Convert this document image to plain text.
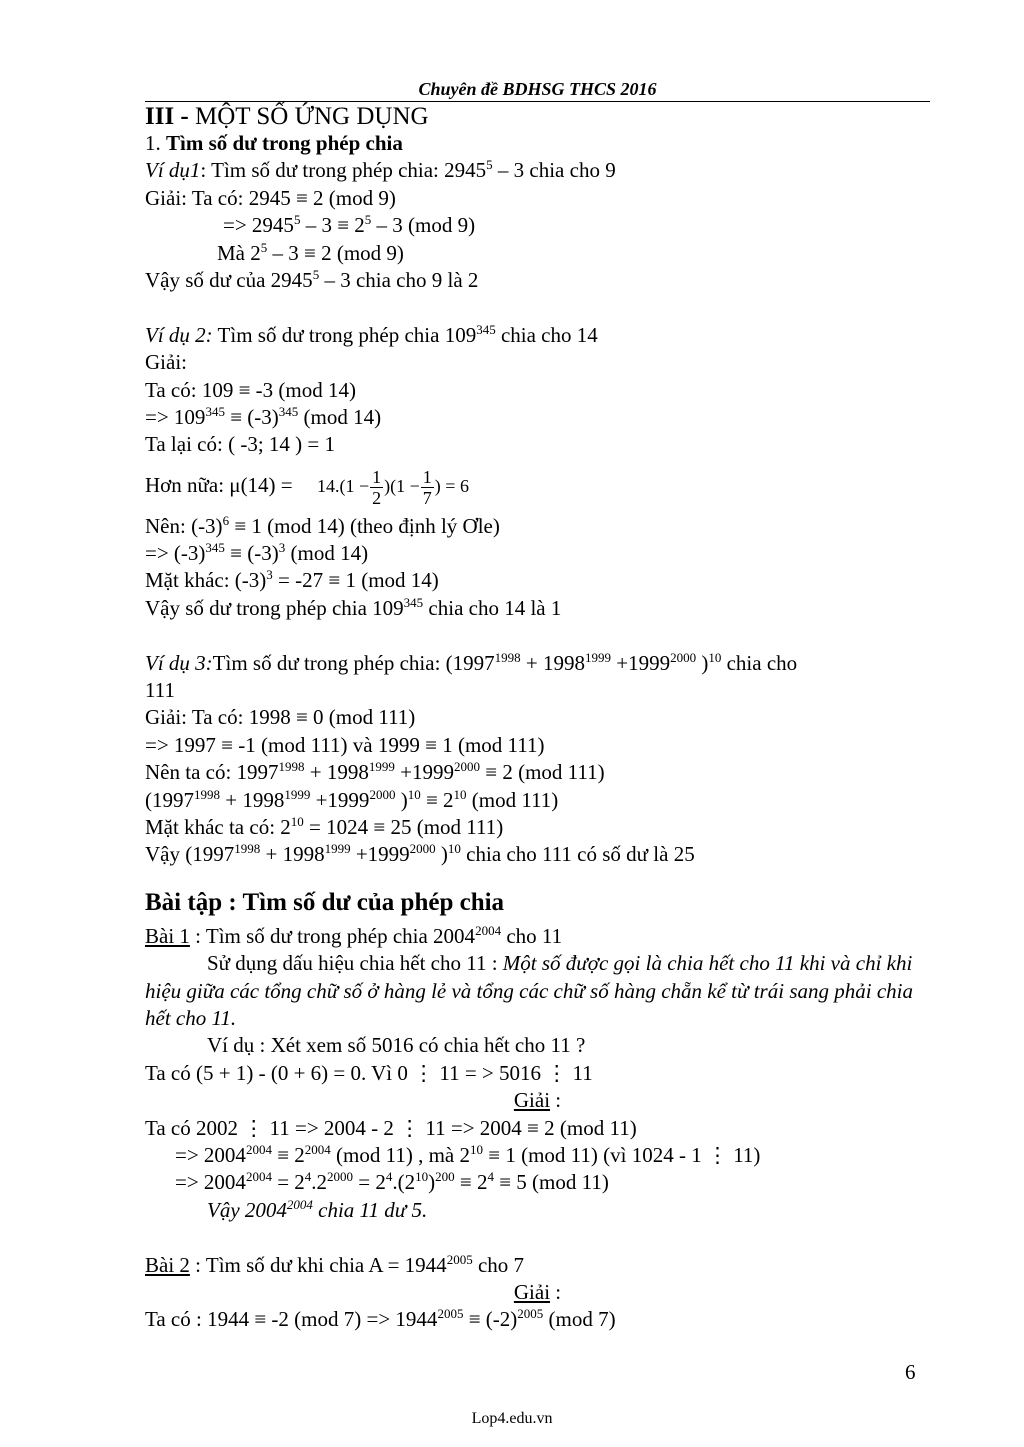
Chuyên đề BDHSG THCS 2016
III - MỘT SỐ ỨNG DỤNG
1. Tìm số dư trong phép chia
Ví dụ1: Tìm số dư trong phép chia: 2945$^5$ – 3 chia cho 9
Giải: Ta có: 2945 ≡ 2 (mod 9)
=> $2945^5 - 3 \equiv 2^5 - 3$ (mod 9)
Mà $2^5 - 3 \equiv 2$ (mod 9)
Vậy số dư của 2945$^5$ – 3 chia cho 9 là 2
Ví dụ 2: Tìm số dư trong phép chia $109^{345}$ chia cho 14
Giải:
Ta có: 109 ≡ -3 (mod 14)
=> $109^{345} \equiv (-3)^{345}$ (mod 14)
Ta lại có: ( -3; 14 ) = 1
Hơn nữa: $\mu(14) = 14.(1 - \frac{1}{2} )(1 - \frac{1}{7}$ ) = 6
Nên: $(-3)^6 \equiv 1$ (mod 14) (theo định lý Ơle)
=> $(-3)^{345} \equiv (-3)^3$ (mod 14)
Mặt khác: $(-3)^3 = -27 \equiv 1$ (mod 14)
Vậy số dư trong phép chia $109^{345}$ chia cho 14 là 1
Ví dụ 3:Tìm số dư trong phép chia: ($1997^{1998} + 1998^{1999} +1999^{2000}$ )$^{10}$ chia cho
111
Giải: Ta có: 1998 ≡ 0 (mod 111)
=> 1997 ≡ -1 (mod 111) và 1999 ≡ 1 (mod 111)
Nên ta có: $1997^{1998} + 1998^{1999} +1999^{2000} \equiv 2$ (mod 111)
($1997^{1998} + 1998^{1999} +1999^{2000}$ )$^{10} \equiv 2^{10}$ (mod 111)
Mặt khác ta có: $2^{10} = 1024 \equiv 25$ (mod 111)
Vậy ($1997^{1998} + 1998^{1999} +1999^{2000}$ )$^{10}$ chia cho 111 có số dư là 25
Bài tập : Tìm số dư của phép chia
Bài 1 : Tìm số dư trong phép chia $2004^{2004}$ cho 11
Sử dụng dấu hiệu chia hết cho 11 : Một số được gọi là chia hết cho 11 khi và chỉ khi hiệu giữa các tổng chữ số ở hàng lẻ và tổng các chữ số hàng chẵn kể từ trái sang phải chia hết cho 11.
Ví dụ : Xét xem số 5016 có chia hết cho 11 ?
Ta có (5 + 1) - (0 + 6) = 0. Vì 0 ⋮ 11 = > 5016 ⋮ 11
Giải :
Ta có 2002 ⋮ 11 => 2004 - 2 ⋮ 11 => 2004 ≡ 2 (mod 11)
=> $2004^{2004} \equiv 2^{2004}$ (mod 11) , mà $2^{10} \equiv 1$ (mod 11) (vì 1024 - 1 ⋮ 11)
=> $2004^{2004} = 2^4.2^{2000} = 2^4.(2^{10})^{200} \equiv 2^4 \equiv 5$ (mod 11)
Vậy $2004^{2004}$ chia 11 dư 5.
Bài 2 : Tìm số dư khi chia $A = 1944^{2005}$ cho 7
Giải :
Ta có : 1944 ≡ -2 (mod $7) => 1944^{2005} \equiv (-2)^{2005}$ (mod 7)
6
Lop4.edu.vn
